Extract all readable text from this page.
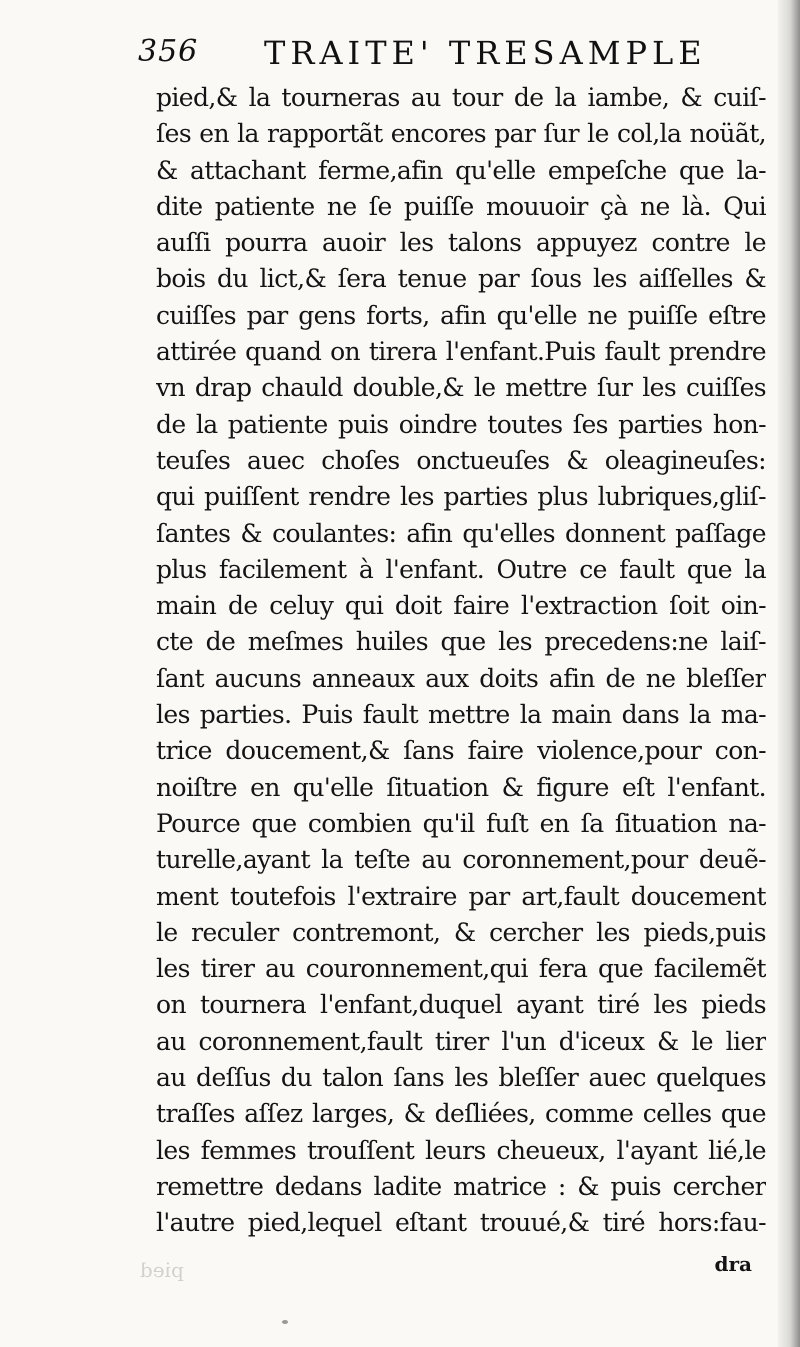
356 TRAITE' TRESAMPLE
pied,& la tourneras au tour de la iambe, & cuiſ-
ſes en la rapportãt encores par ſur le col,la noüãt,
& attachant ferme,afin qu'elle empeſche que la-
dite patiente ne ſe puiſſe mouuoir çà ne là. Qui
auſſi pourra auoir les talons appuyez contre le
bois du lict,& ſera tenue par ſous les aiſſelles &
cuiſſes par gens forts, afin qu'elle ne puiſſe eſtre
attirée quand on tirera l'enfant.Puis fault prendre
vn drap chauld double,& le mettre ſur les cuiſſes
de la patiente puis oindre toutes ſes parties hon-
teuſes auec choſes onctueuſes & oleagineuſes:
qui puiſſent rendre les parties plus lubriques,gliſ-
ſantes & coulantes: afin qu'elles donnent paſſage
plus facilement à l'enfant. Outre ce fault que la
main de celuy qui doit faire l'extraction ſoit oin-
cte de meſmes huiles que les precedens:ne laiſ-
ſant aucuns anneaux aux doits afin de ne bleſſer
les parties. Puis fault mettre la main dans la ma-
trice doucement,& ſans faire violence,pour con-
noiſtre en qu'elle ſituation & figure eſt l'enfant.
Pource que combien qu'il fuſt en ſa ſituation na-
turelle,ayant la teſte au coronnement,pour deuẽ-
ment toutefois l'extraire par art,fault doucement
le reculer contremont, & cercher les pieds,puis
les tirer au couronnement,qui fera que facilemẽt
on tournera l'enfant,duquel ayant tiré les pieds
au coronnement,fault tirer l'un d'iceux & le lier
au deſſus du talon ſans les bleſſer auec quelques
traſſes aſſez larges, & deſliées, comme celles que
les femmes trouſſent leurs cheueux, l'ayant lié,le
remettre dedans ladite matrice : & puis cercher
l'autre pied,lequel eſtant trouué,& tiré hors:fau-
pied	dra
